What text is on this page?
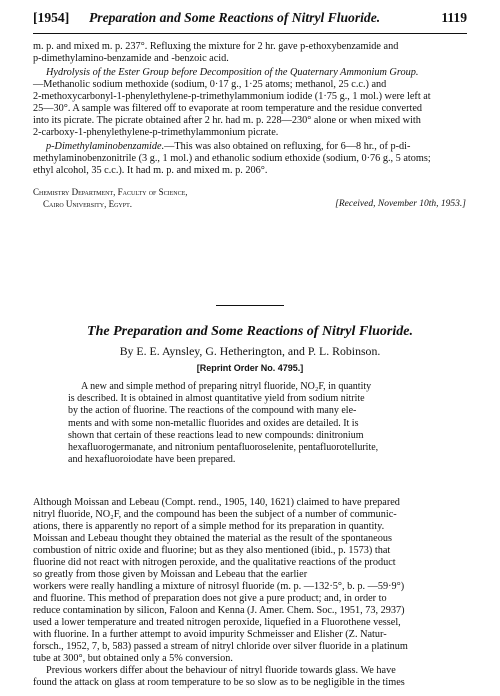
[1954] Preparation and Some Reactions of Nitryl Fluoride.	1119

m. p. and mixed m. p. 237°. Refluxing the mixture for 2 hr. gave p-ethoxybenzamide and

p-dimethylamino-benzamide and -benzoic acid.

Hydrolysis of the Ester Group before Decomposition of the Quaternary Ammonium Group.

—Methanolic sodium methoxide (sodium, 0·17 g., 1·25 atoms; methanol, 25 c.c.) and

2-methoxycarbonyl-1-phenylethylene-p-trimethylammonium iodide (1·75 g., 1 mol.) were left at

25—30°. A sample was filtered off to evaporate at room temperature and the residue converted

into its picrate. The picrate obtained after 2 hr. had m. p. 228—230° alone or when mixed with

2-carboxy-1-phenylethylene-p-trimethylammonium picrate.

p-Dimethylaminobenzamide.—This was also obtained on refluxing, for 6—8 hr., of p-di-

methylaminobenzonitrile (3 g., 1 mol.) and ethanolic sodium ethoxide (sodium, 0·76 g., 5 atoms;

ethyl alcohol, 35 c.c.). It had m. p. and mixed m. p. 206°.

Chemistry Department, Faculty of Science,
Cairo University, Egypt.	[Received, November 10th, 1953.]
The Preparation and Some Reactions of Nitryl Fluoride.
By E. E. Aynsley, G. Hetherington, and P. L. Robinson.
[Reprint Order No. 4795.]

A new and simple method of preparing nitryl fluoride, NO₂F, in quantity

is described. It is obtained in almost quantitative yield from sodium nitrite

by the action of fluorine. The reactions of the compound with many ele-

ments and with some non-metallic fluorides and oxides are detailed. It is

shown that certain of these reactions lead to new compounds: dinitronium

hexafluorogermanate, and nitronium pentafluoroselenite, pentafluorotellurite,

and hexafluoroiodate have been prepared.

Although Moissan and Lebeau (Compt. rend., 1905, 140, 1621) claimed to have prepared

nitryl fluoride, NO₂F, and the compound has been the subject of a number of communic-

ations, there is apparently no report of a simple method for its preparation in quantity.

Moissan and Lebeau thought they obtained the material as the result of the spontaneous

combustion of nitric oxide and fluorine; but as they also mentioned (ibid., p. 1573) that

fluorine did not react with nitrogen peroxide, and the qualitative reactions of the product

so greatly from those given by Moissan and Lebeau that the earlier

workers were really handling a mixture of nitrosyl fluoride (m. p. —132·5°, b. p. —59·9°)

and fluorine. This method of preparation does not give a pure product; and, in order to

reduce contamination by silicon, Faloon and Kenna (J. Amer. Chem. Soc., 1951, 73, 2937)

used a lower temperature and treated nitrogen peroxide, liquefied in a Fluorothene vessel,

with fluorine. In a further attempt to avoid impurity Schmeisser and Elisher (Z. Natur-

forsch., 1952, 7, b, 583) passed a stream of nitryl chloride over silver fluoride in a platinum

tube at 300°, but obtained only a 5% conversion.

Previous workers differ about the behaviour of nitryl fluoride towards glass. We have

found the attack on glass at room temperature to be so slow as to be negligible in the times
